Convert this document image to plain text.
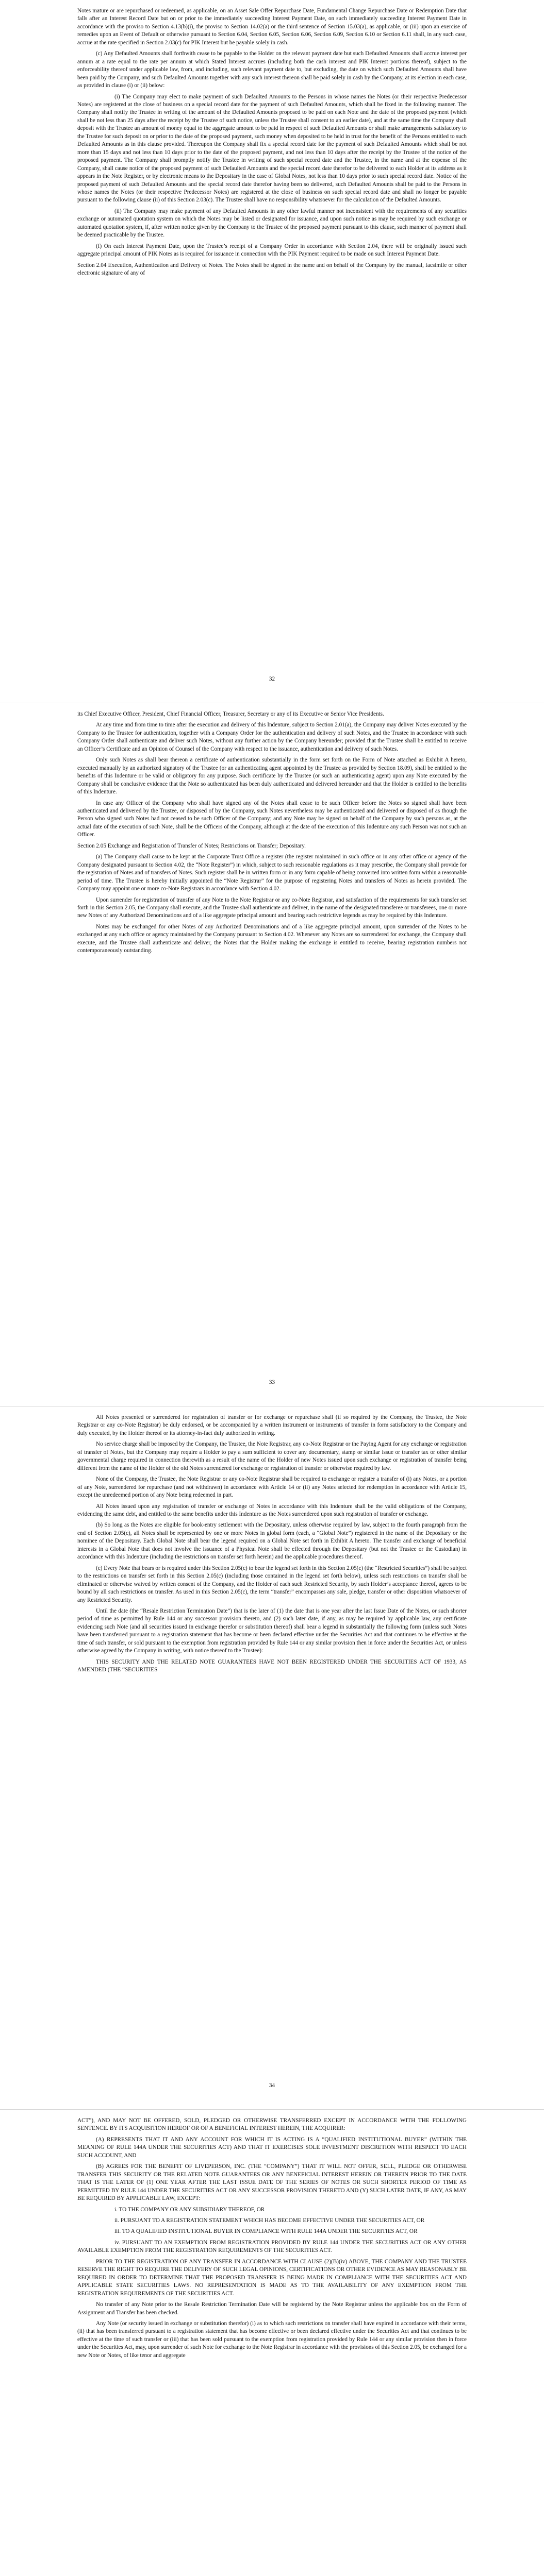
Notes mature or are repurchased or redeemed, as applicable, on an Asset Sale Offer Repurchase Date, Fundamental Change Repurchase Date or Redemption Date that falls after an Interest Record Date but on or prior to the immediately succeeding Interest Payment Date, on such immediately succeeding Interest Payment Date in accordance with the proviso to Section 4.13(b)(i), the proviso to Section 14.02(a) or the third sentence of Section 15.03(a), as applicable, or (iii) upon an exercise of remedies upon an Event of Default or otherwise pursuant to Section 6.04, Section 6.05, Section 6.06, Section 6.09, Section 6.10 or Section 6.11 shall, in any such case, accrue at the rate specified in Section 2.03(c) for PIK Interest but be payable solely in cash.

(c) Any Defaulted Amounts shall forthwith cease to be payable to the Holder on the relevant payment date but such Defaulted Amounts shall accrue interest per annum at a rate equal to the rate per annum at which Stated Interest accrues (including both the cash interest and PIK Interest portions thereof), subject to the enforceability thereof under applicable law, from, and including, such relevant payment date to, but excluding, the date on which such Defaulted Amounts shall have been paid by the Company, and such Defaulted Amounts together with any such interest thereon shall be paid solely in cash by the Company, at its election in each case, as provided in clause (i) or (ii) below:

(i) The Company may elect to make payment of such Defaulted Amounts to the Persons in whose names the Notes (or their respective Predecessor Notes) are registered at the close of business on a special record date for the payment of such Defaulted Amounts, which shall be fixed in the following manner. The Company shall notify the Trustee in writing of the amount of the Defaulted Amounts proposed to be paid on each Note and the date of the proposed payment (which shall be not less than 25 days after the receipt by the Trustee of such notice, unless the Trustee shall consent to an earlier date), and at the same time the Company shall deposit with the Trustee an amount of money equal to the aggregate amount to be paid in respect of such Defaulted Amounts or shall make arrangements satisfactory to the Trustee for such deposit on or prior to the date of the proposed payment, such money when deposited to be held in trust for the benefit of the Persons entitled to such Defaulted Amounts as in this clause provided. Thereupon the Company shall fix a special record date for the payment of such Defaulted Amounts which shall be not more than 15 days and not less than 10 days prior to the date of the proposed payment, and not less than 10 days after the receipt by the Trustee of the notice of the proposed payment. The Company shall promptly notify the Trustee in writing of such special record date and the Trustee, in the name and at the expense of the Company, shall cause notice of the proposed payment of such Defaulted Amounts and the special record date therefor to be delivered to each Holder at its address as it appears in the Note Register, or by electronic means to the Depositary in the case of Global Notes, not less than 10 days prior to such special record date. Notice of the proposed payment of such Defaulted Amounts and the special record date therefor having been so delivered, such Defaulted Amounts shall be paid to the Persons in whose names the Notes (or their respective Predecessor Notes) are registered at the close of business on such special record date and shall no longer be payable pursuant to the following clause (ii) of this Section 2.03(c). The Trustee shall have no responsibility whatsoever for the calculation of the Defaulted Amounts.

(ii) The Company may make payment of any Defaulted Amounts in any other lawful manner not inconsistent with the requirements of any securities exchange or automated quotation system on which the Notes may be listed or designated for issuance, and upon such notice as may be required by such exchange or automated quotation system, if, after written notice given by the Company to the Trustee of the proposed payment pursuant to this clause, such manner of payment shall be deemed practicable by the Trustee.

(f) On each Interest Payment Date, upon the Trustee’s receipt of a Company Order in accordance with Section 2.04, there will be originally issued such aggregate principal amount of PIK Notes as is required for issuance in connection with the PIK Payment required to be made on such Interest Payment Date.

Section 2.04 Execution, Authentication and Delivery of Notes. The Notes shall be signed in the name and on behalf of the Company by the manual, facsimile or other electronic signature of any of

32

its Chief Executive Officer, President, Chief Financial Officer, Treasurer, Secretary or any of its Executive or Senior Vice Presidents.

At any time and from time to time after the execution and delivery of this Indenture, subject to Section 2.01(a), the Company may deliver Notes executed by the Company to the Trustee for authentication, together with a Company Order for the authentication and delivery of such Notes, and the Trustee in accordance with such Company Order shall authenticate and deliver such Notes, without any further action by the Company hereunder; provided that the Trustee shall be entitled to receive an Officer’s Certificate and an Opinion of Counsel of the Company with respect to the issuance, authentication and delivery of such Notes.

Only such Notes as shall bear thereon a certificate of authentication substantially in the form set forth on the Form of Note attached as Exhibit A hereto, executed manually by an authorized signatory of the Trustee (or an authenticating agent appointed by the Trustee as provided by Section 18.09), shall be entitled to the benefits of this Indenture or be valid or obligatory for any purpose. Such certificate by the Trustee (or such an authenticating agent) upon any Note executed by the Company shall be conclusive evidence that the Note so authenticated has been duly authenticated and delivered hereunder and that the Holder is entitled to the benefits of this Indenture.

In case any Officer of the Company who shall have signed any of the Notes shall cease to be such Officer before the Notes so signed shall have been authenticated and delivered by the Trustee, or disposed of by the Company, such Notes nevertheless may be authenticated and delivered or disposed of as though the Person who signed such Notes had not ceased to be such Officer of the Company; and any Note may be signed on behalf of the Company by such persons as, at the actual date of the execution of such Note, shall be the Officers of the Company, although at the date of the execution of this Indenture any such Person was not such an Officer.

Section 2.05 Exchange and Registration of Transfer of Notes; Restrictions on Transfer; Depositary.

(a) The Company shall cause to be kept at the Corporate Trust Office a register (the register maintained in such office or in any other office or agency of the Company designated pursuant to Section 4.02, the “Note Register”) in which, subject to such reasonable regulations as it may prescribe, the Company shall provide for the registration of Notes and of transfers of Notes. Such register shall be in written form or in any form capable of being converted into written form within a reasonable period of time. The Trustee is hereby initially appointed the “Note Registrar” for the purpose of registering Notes and transfers of Notes as herein provided. The Company may appoint one or more co-Note Registrars in accordance with Section 4.02.

Upon surrender for registration of transfer of any Note to the Note Registrar or any co-Note Registrar, and satisfaction of the requirements for such transfer set forth in this Section 2.05, the Company shall execute, and the Trustee shall authenticate and deliver, in the name of the designated transferee or transferees, one or more new Notes of any Authorized Denominations and of a like aggregate principal amount and bearing such restrictive legends as may be required by this Indenture.

Notes may be exchanged for other Notes of any Authorized Denominations and of a like aggregate principal amount, upon surrender of the Notes to be exchanged at any such office or agency maintained by the Company pursuant to Section 4.02. Whenever any Notes are so surrendered for exchange, the Company shall execute, and the Trustee shall authenticate and deliver, the Notes that the Holder making the exchange is entitled to receive, bearing registration numbers not contemporaneously outstanding.

33

All Notes presented or surrendered for registration of transfer or for exchange or repurchase shall (if so required by the Company, the Trustee, the Note Registrar or any co-Note Registrar) be duly endorsed, or be accompanied by a written instrument or instruments of transfer in form satisfactory to the Company and duly executed, by the Holder thereof or its attorney-in-fact duly authorized in writing.

No service charge shall be imposed by the Company, the Trustee, the Note Registrar, any co-Note Registrar or the Paying Agent for any exchange or registration of transfer of Notes, but the Company may require a Holder to pay a sum sufficient to cover any documentary, stamp or similar issue or transfer tax or other similar governmental charge required in connection therewith as a result of the name of the Holder of new Notes issued upon such exchange or registration of transfer being different from the name of the Holder of the old Notes surrendered for exchange or registration of transfer or otherwise required by law.

None of the Company, the Trustee, the Note Registrar or any co-Note Registrar shall be required to exchange or register a transfer of (i) any Notes, or a portion of any Note, surrendered for repurchase (and not withdrawn) in accordance with Article 14 or (ii) any Notes selected for redemption in accordance with Article 15, except the unredeemed portion of any Note being redeemed in part.

All Notes issued upon any registration of transfer or exchange of Notes in accordance with this Indenture shall be the valid obligations of the Company, evidencing the same debt, and entitled to the same benefits under this Indenture as the Notes surrendered upon such registration of transfer or exchange.

(b) So long as the Notes are eligible for book-entry settlement with the Depositary, unless otherwise required by law, subject to the fourth paragraph from the end of Section 2.05(c), all Notes shall be represented by one or more Notes in global form (each, a “Global Note”) registered in the name of the Depositary or the nominee of the Depositary. Each Global Note shall bear the legend required on a Global Note set forth in Exhibit A hereto. The transfer and exchange of beneficial interests in a Global Note that does not involve the issuance of a Physical Note shall be effected through the Depositary (but not the Trustee or the Custodian) in accordance with this Indenture (including the restrictions on transfer set forth herein) and the applicable procedures thereof.

(c) Every Note that bears or is required under this Section 2.05(c) to bear the legend set forth in this Section 2.05(c) (the “Restricted Securities”) shall be subject to the restrictions on transfer set forth in this Section 2.05(c) (including those contained in the legend set forth below), unless such restrictions on transfer shall be eliminated or otherwise waived by written consent of the Company, and the Holder of each such Restricted Security, by such Holder’s acceptance thereof, agrees to be bound by all such restrictions on transfer. As used in this Section 2.05(c), the term “transfer” encompasses any sale, pledge, transfer or other disposition whatsoever of any Restricted Security.

Until the date (the “Resale Restriction Termination Date”) that is the later of (1) the date that is one year after the last Issue Date of the Notes, or such shorter period of time as permitted by Rule 144 or any successor provision thereto, and (2) such later date, if any, as may be required by applicable law, any certificate evidencing such Note (and all securities issued in exchange therefor or substitution thereof) shall bear a legend in substantially the following form (unless such Notes have been transferred pursuant to a registration statement that has become or been declared effective under the Securities Act and that continues to be effective at the time of such transfer, or sold pursuant to the exemption from registration provided by Rule 144 or any similar provision then in force under the Securities Act, or unless otherwise agreed by the Company in writing, with notice thereof to the Trustee):

THIS SECURITY AND THE RELATED NOTE GUARANTEES HAVE NOT BEEN REGISTERED UNDER THE SECURITIES ACT OF 1933, AS AMENDED (THE “SECURITIES

34

ACT”), AND MAY NOT BE OFFERED, SOLD, PLEDGED OR OTHERWISE TRANSFERRED EXCEPT IN ACCORDANCE WITH THE FOLLOWING SENTENCE. BY ITS ACQUISITION HEREOF OR OF A BENEFICIAL INTEREST HEREIN, THE ACQUIRER:

(A) REPRESENTS THAT IT AND ANY ACCOUNT FOR WHICH IT IS ACTING IS A “QUALIFIED INSTITUTIONAL BUYER” (WITHIN THE MEANING OF RULE 144A UNDER THE SECURITIES ACT) AND THAT IT EXERCISES SOLE INVESTMENT DISCRETION WITH RESPECT TO EACH SUCH ACCOUNT, AND

(B) AGREES FOR THE BENEFIT OF LIVEPERSON, INC. (THE “COMPANY”) THAT IT WILL NOT OFFER, SELL, PLEDGE OR OTHERWISE TRANSFER THIS SECURITY OR THE RELATED NOTE GUARANTEES OR ANY BENEFICIAL INTEREST HEREIN OR THEREIN PRIOR TO THE DATE THAT IS THE LATER OF (1) ONE YEAR AFTER THE LAST ISSUE DATE OF THE SERIES OF NOTES OR SUCH SHORTER PERIOD OF TIME AS PERMITTED BY RULE 144 UNDER THE SECURITIES ACT OR ANY SUCCESSOR PROVISION THERETO AND (Y) SUCH LATER DATE, IF ANY, AS MAY BE REQUIRED BY APPLICABLE LAW, EXCEPT:

i. TO THE COMPANY OR ANY SUBSIDIARY THEREOF, OR

ii. PURSUANT TO A REGISTRATION STATEMENT WHICH HAS BECOME EFFECTIVE UNDER THE SECURITIES ACT, OR

iii. TO A QUALIFIED INSTITUTIONAL BUYER IN COMPLIANCE WITH RULE 144A UNDER THE SECURITIES ACT, OR

iv. PURSUANT TO AN EXEMPTION FROM REGISTRATION PROVIDED BY RULE 144 UNDER THE SECURITIES ACT OR ANY OTHER AVAILABLE EXEMPTION FROM THE REGISTRATION REQUIREMENTS OF THE SECURITIES ACT.

PRIOR TO THE REGISTRATION OF ANY TRANSFER IN ACCORDANCE WITH CLAUSE (2)(B)(iv) ABOVE, THE COMPANY AND THE TRUSTEE RESERVE THE RIGHT TO REQUIRE THE DELIVERY OF SUCH LEGAL OPINIONS, CERTIFICATIONS OR OTHER EVIDENCE AS MAY REASONABLY BE REQUIRED IN ORDER TO DETERMINE THAT THE PROPOSED TRANSFER IS BEING MADE IN COMPLIANCE WITH THE SECURITIES ACT AND APPLICABLE STATE SECURITIES LAWS. NO REPRESENTATION IS MADE AS TO THE AVAILABILITY OF ANY EXEMPTION FROM THE REGISTRATION REQUIREMENTS OF THE SECURITIES ACT.

No transfer of any Note prior to the Resale Restriction Termination Date will be registered by the Note Registrar unless the applicable box on the Form of Assignment and Transfer has been checked.

Any Note (or security issued in exchange or substitution therefor) (i) as to which such restrictions on transfer shall have expired in accordance with their terms, (ii) that has been transferred pursuant to a registration statement that has become effective or been declared effective under the Securities Act and that continues to be effective at the time of such transfer or (iii) that has been sold pursuant to the exemption from registration provided by Rule 144 or any similar provision then in force under the Securities Act, may, upon surrender of such Note for exchange to the Note Registrar in accordance with the provisions of this Section 2.05, be exchanged for a new Note or Notes, of like tenor and aggregate
